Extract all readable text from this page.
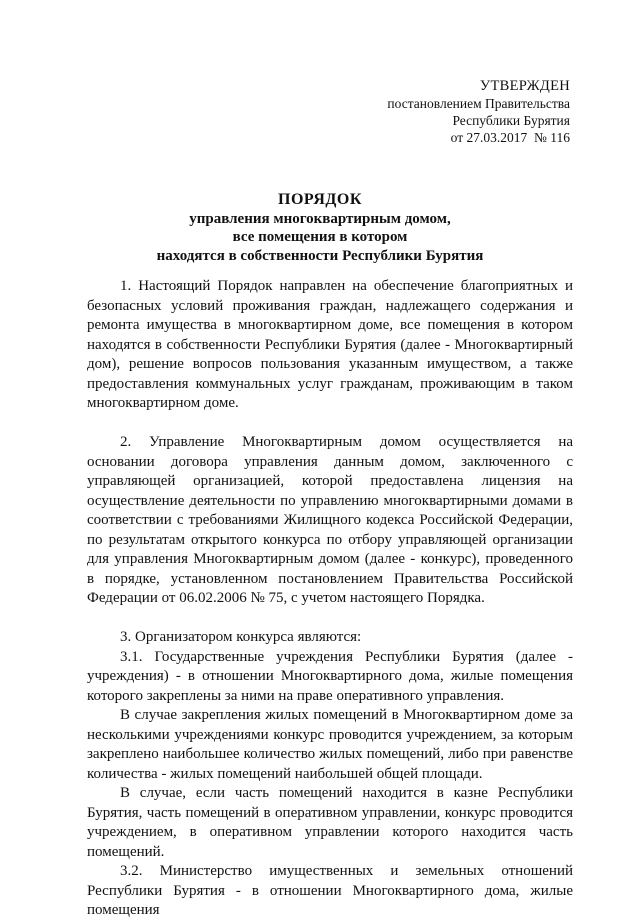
УТВЕРЖДЕН
постановлением Правительства
Республики Бурятия
от 27.03.2017  № 116
ПОРЯДОК
управления многоквартирным домом,
все помещения в котором
находятся в собственности Республики Бурятия

1. Настоящий Порядок направлен на обеспечение благоприятных и безопасных условий проживания граждан, надлежащего содержания и ремонта имущества в многоквартирном доме, все помещения в котором находятся в собственности Республики Бурятия (далее - Многоквартирный дом), решение вопросов пользования указанным имуществом, а также предоставления коммунальных услуг гражданам, проживающим в таком многоквартирном доме.

2. Управление Многоквартирным домом осуществляется на основании договора управления данным домом, заключенного с управляющей организацией, которой предоставлена лицензия на осуществление деятельности по управлению многоквартирными домами в соответствии с требованиями Жилищного кодекса Российской Федерации, по результатам открытого конкурса по отбору управляющей организации для управления Многоквартирным домом (далее - конкурс), проведенного в порядке, установленном постановлением Правительства Российской Федерации от 06.02.2006 № 75, с учетом настоящего Порядка.

3. Организатором конкурса являются:

3.1. Государственные учреждения Республики Бурятия (далее - учреждения) - в отношении Многоквартирного дома, жилые помещения которого закреплены за ними на праве оперативного управления.

В случае закрепления жилых помещений в Многоквартирном доме за несколькими учреждениями конкурс проводится учреждением, за которым закреплено наибольшее количество жилых помещений, либо при равенстве количества - жилых помещений наибольшей общей площади.

В случае, если часть помещений находится в казне Республики Бурятия, часть помещений в оперативном управлении, конкурс проводится учреждением, в оперативном управлении которого находится часть помещений.

3.2. Министерство имущественных и земельных отношений Республики Бурятия - в отношении Многоквартирного дома, жилые помещения
